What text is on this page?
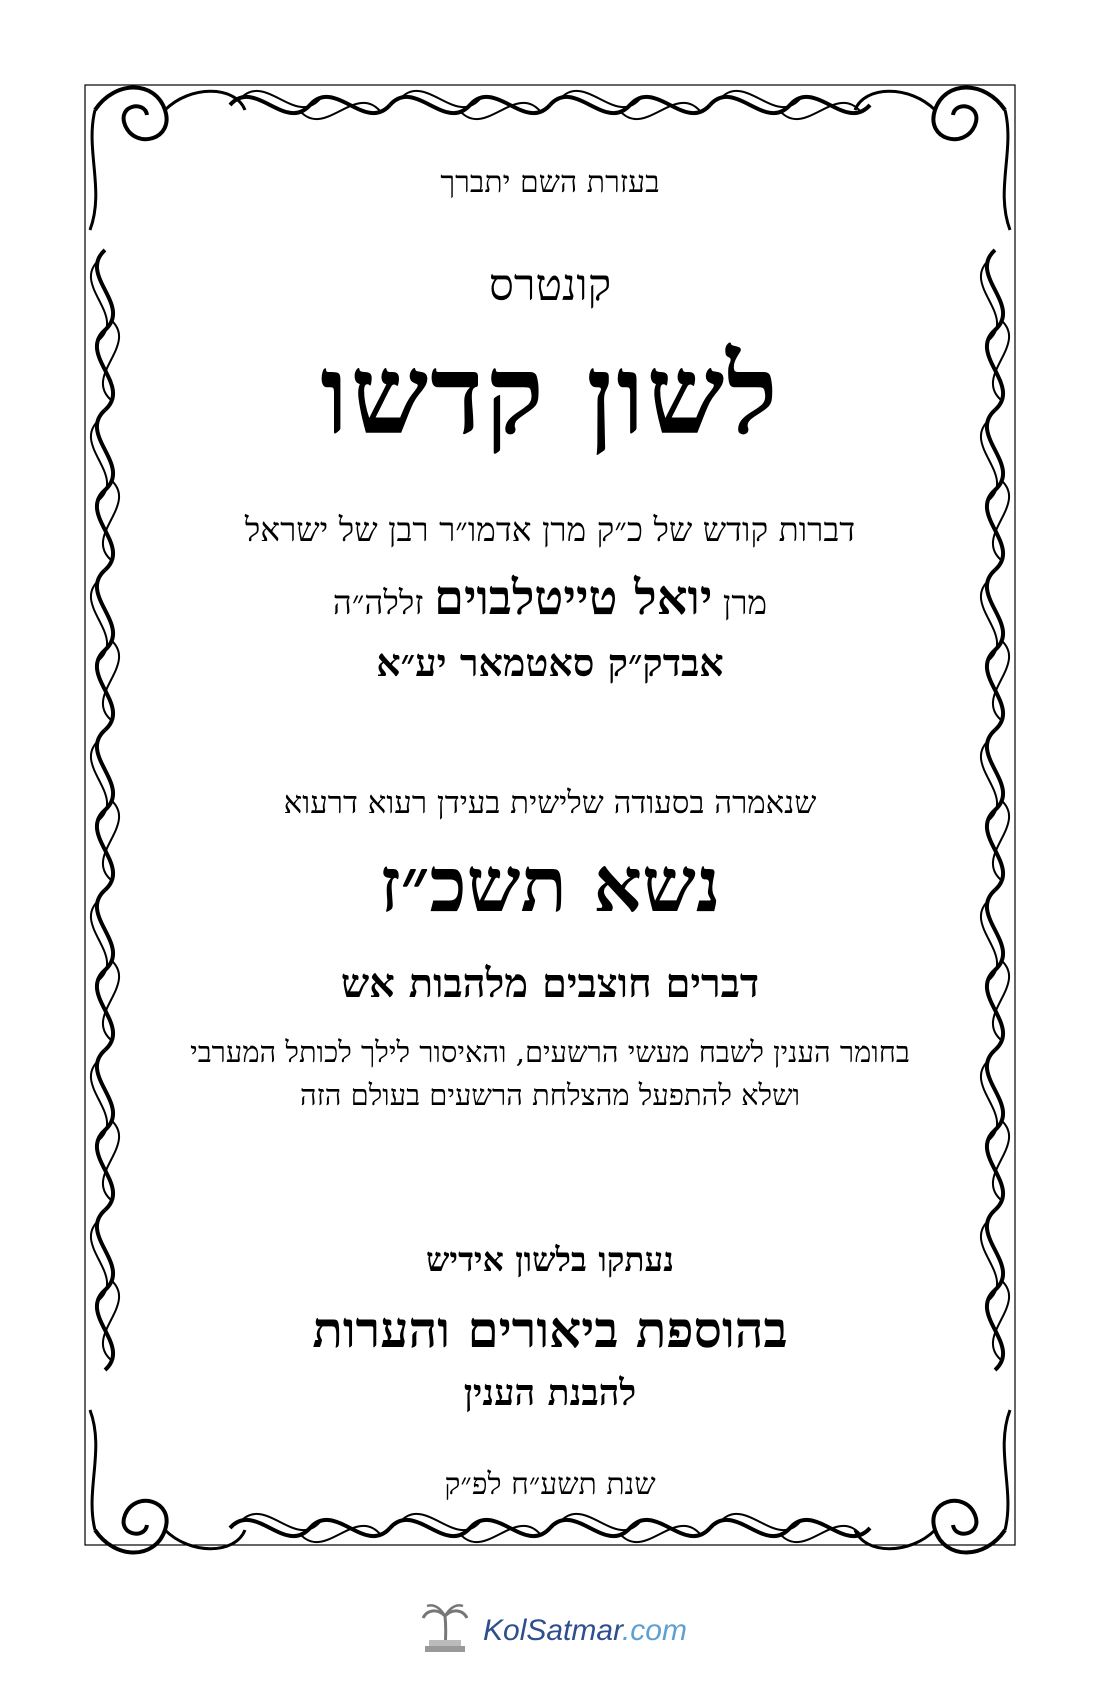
בעזרת השם יתברך
קונטרס
לשון קדשו
דברות קודש של כ״ק מרן אדמו״ר רבן של ישראל
מרן יואל טייטלבוים זללה״ה
אבדק״ק סאטמאר יע״א
שנאמרה בסעודה שלישית בעידן רעוא דרעוא
נשא תשכ״ז
דברים חוצבים מלהבות אש
בחומר הענין לשבח מעשי הרשעים, והאיסור לילך לכותל המערבי
ושלא להתפעל מהצלחת הרשעים בעולם הזה
נעתקו בלשון אידיש
בהוספת ביאורים והערות
להבנת הענין
שנת תשע״ח לפ״ק
KolSatmar.com
